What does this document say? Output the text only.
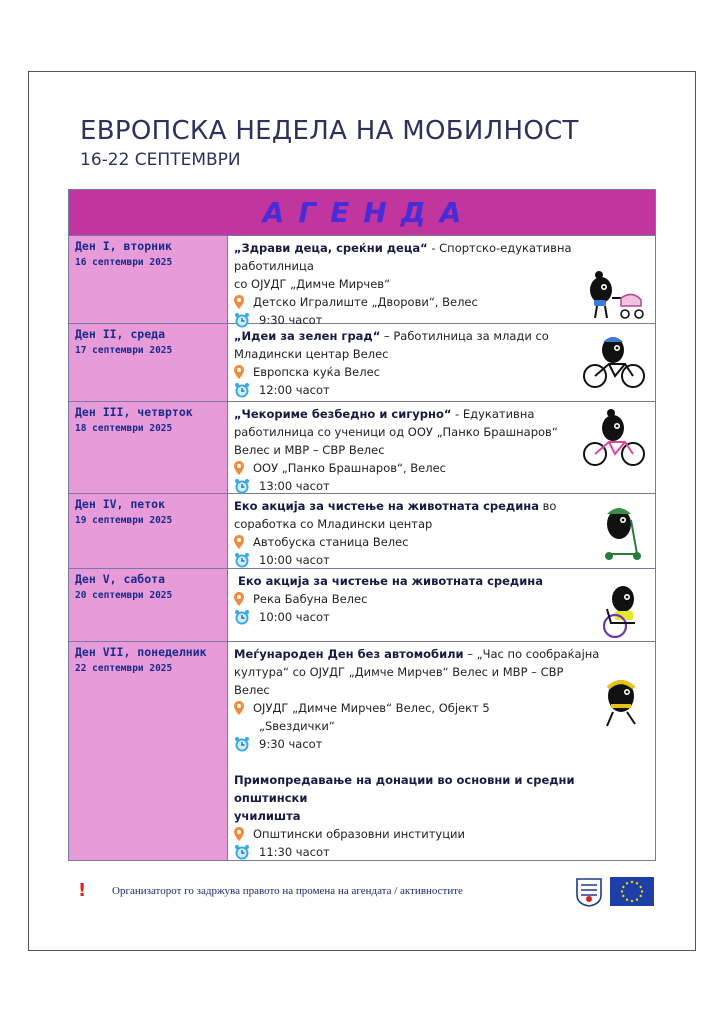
ЕВРОПСКА НЕДЕЛА НА МОБИЛНОСТ
16-22 СЕПТЕМВРИ
АГЕНДА
Ден I, вторник
16 септември 2025
„Здрави деца, среќни деца“ - Спортско-едукативна работилница
со ОЈУДГ „Димче Мирчев“
Детско Игралиште „Дворови“, Велес
9:30 часот
Ден II, среда
17 септември 2025
„Идеи за зелен град“ – Работилница за млади со
Младински центар Велес
Европска куќа Велес
12:00 часот
Ден III, четврток
18 септември 2025
„Чекориме безбедно и сигурно“ - Едукативна
работилница со ученици од ООУ „Панко Брашнаров“
Велес и МВР – СВР Велес
ООУ „Панко Брашнаров“, Велес
13:00 часот
Ден IV, петок
19 септември 2025
Еко акција за чистење на животната средина во
соработка со Младински центар
Автобуска станица Велес
10:00 часот
Ден V, сабота
20 септември 2025
Еко акција за чистење на животната средина
Река Бабуна Велес
10:00 часот
Ден VII, понеделник
22 септември 2025
Меѓународен Ден без автомобили – „Час по сообраќајна
култура“ со ОЈУДГ „Димче Мирчев“ Велес и МВР – СВР
Велес
ОЈУДГ „Димче Мирчев“ Велес, Објект 5
„Ѕвездички“
9:30 часот
Примопредавање на донации во основни и средни општински
училишта
Општински образовни институции
11:30 часот
!	Организаторот го задржува правото на промена на агендата / активностите
